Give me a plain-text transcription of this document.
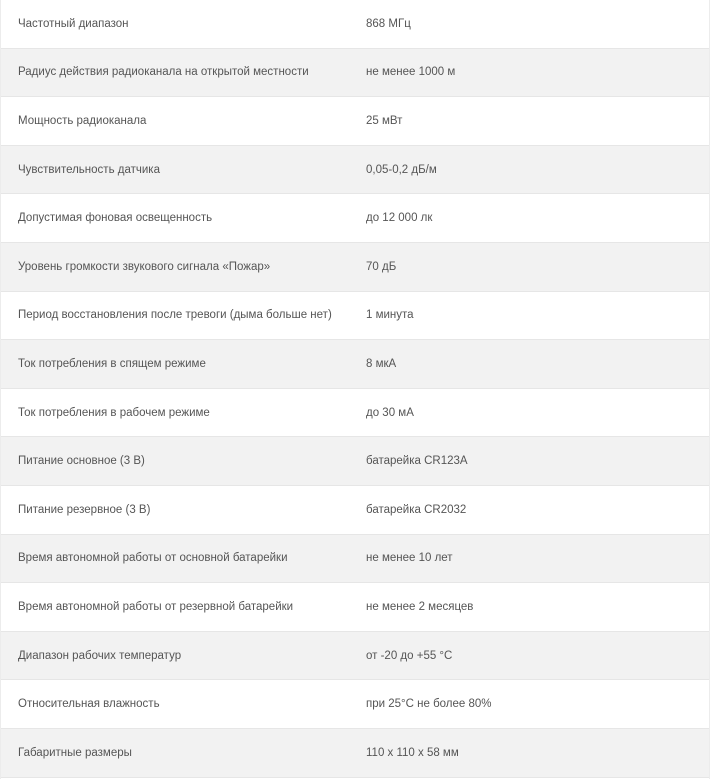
Частотный диапазон	868 МГц
Радиус действия радиоканала на открытой местности	не менее 1000 м
Мощность радиоканала	25 мВт
Чувствительность датчика	0,05-0,2 дБ/м
Допустимая фоновая освещенность	до 12 000 лк
Уровень громкости звукового сигнала «Пожар»	70 дБ
Период восстановления после тревоги (дыма больше нет)	1 минута
Ток потребления в спящем режиме	8 мкА
Ток потребления в рабочем режиме	до 30 мА
Питание основное (3 В)	батарейка CR123A
Питание резервное (3 В)	батарейка CR2032
Время автономной работы от основной батарейки	не менее 10 лет
Время автономной работы от резервной батарейки	не менее 2 месяцев
Диапазон рабочих температур	от -20 до +55 °C
Относительная влажность	при 25°C не более 80%
Габаритные размеры	110 х 110 х 58 мм
